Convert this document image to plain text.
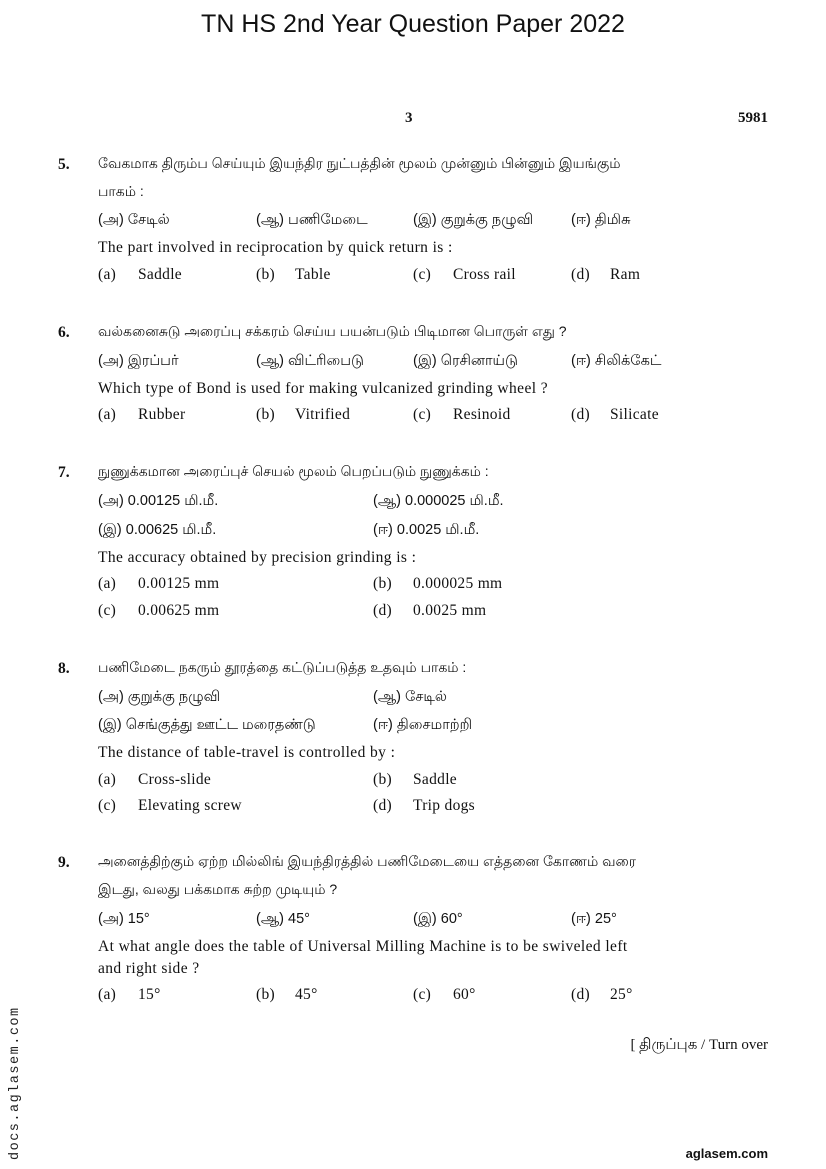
TN HS 2nd Year Question Paper 2022
3	5981
5. வேகமாக திரும்ப செய்யும் இயந்திர நுட்பத்தின் மூலம் முன்னும் பின்னும் இயங்கும்
பாகம் :
(அ) சேடில்	(ஆ) பணிமேடை	(இ) குறுக்கு நழுவி	(ஈ) திமிசு
The part involved in reciprocation by quick return is :
(a) Saddle	(b) Table	(c) Cross rail	(d) Ram
6. வல்கனைசுடு அரைப்பு சக்கரம் செய்ய பயன்படும் பிடிமான பொருள் எது ?
(அ) இரப்பர்	(ஆ) விட்ரிபைடு	(இ) ரெசினாய்டு	(ஈ) சிலிக்கேட்
Which type of Bond is used for making vulcanized grinding wheel ?
(a) Rubber	(b) Vitrified	(c) Resinoid	(d) Silicate
7. நுணுக்கமான அரைப்புச் செயல் மூலம் பெறப்படும் நுணுக்கம் :
(அ) 0.00125 மி.மீ.	(ஆ) 0.000025 மி.மீ.
(இ) 0.00625 மி.மீ.	(ஈ) 0.0025 மி.மீ.
The accuracy obtained by precision grinding is :
(a) 0.00125 mm	(b) 0.000025 mm
(c) 0.00625 mm	(d) 0.0025 mm
8. பணிமேடை நகரும் தூரத்தை கட்டுப்படுத்த உதவும் பாகம் :
(அ) குறுக்கு நழுவி	(ஆ) சேடில்
(இ) செங்குத்து ஊட்ட மரைதண்டு	(ஈ) திசைமாற்றி
The distance of table-travel is controlled by :
(a) Cross-slide	(b) Saddle
(c) Elevating screw	(d) Trip dogs
9. அனைத்திற்கும் ஏற்ற மில்லிங் இயந்திரத்தில் பணிமேடையை எத்தனை கோணம் வரை
இடது, வலது பக்கமாக சுற்ற முடியும் ?
(அ) 15°	(ஆ) 45°	(இ) 60°	(ஈ) 25°
At what angle does the table of Universal Milling Machine is to be swiveled left
and right side ?
(a) 15°	(b) 45°	(c) 60°	(d) 25°
[ திருப்புக / Turn over
docs.aglasem.com	aglasem.com
